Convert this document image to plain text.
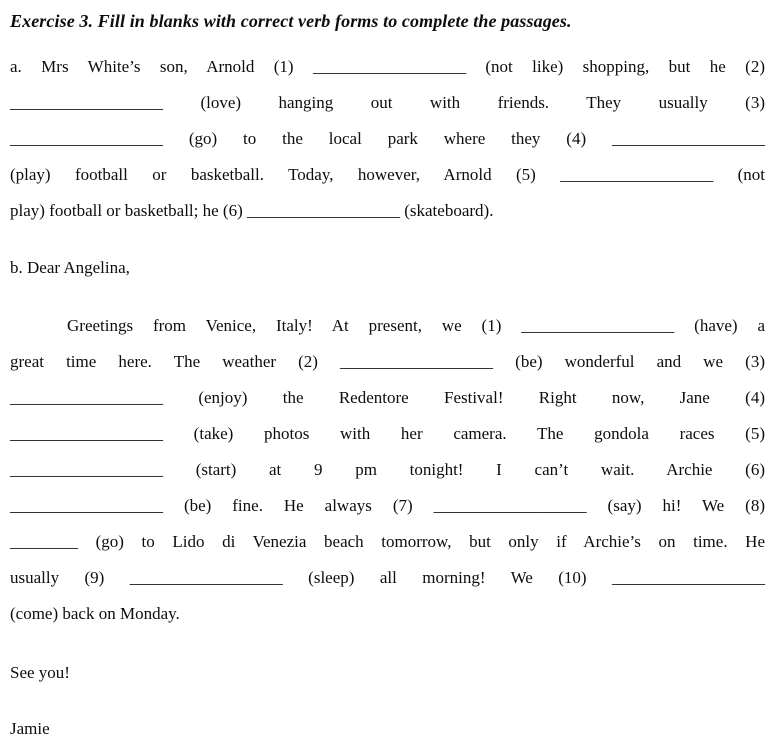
Exercise 3. Fill in blanks with correct verb forms to complete the passages.
a. Mrs White’s son, Arnold (1) __________________ (not like) shopping, but he (2)
__________________ (love) hanging out with friends. They usually (3)
__________________ (go) to the local park where they (4) __________________
(play) football or basketball. Today, however, Arnold (5) __________________ (not
play) football or basketball; he (6) __________________ (skateboard).
b. Dear Angelina,
Greetings from Venice, Italy! At present, we (1) __________________ (have) a
great time here. The weather (2) __________________ (be) wonderful and we (3)
__________________ (enjoy) the Redentore Festival! Right now, Jane (4)
__________________ (take) photos with her camera. The gondola races (5)
__________________ (start) at 9 pm tonight! I can’t wait. Archie (6)
__________________ (be) fine. He always (7) __________________ (say) hi! We (8)
________ (go) to Lido di Venezia beach tomorrow, but only if Archie’s on time. He
usually (9) __________________ (sleep) all morning! We (10) __________________
(come) back on Monday.
See you!
Jamie
